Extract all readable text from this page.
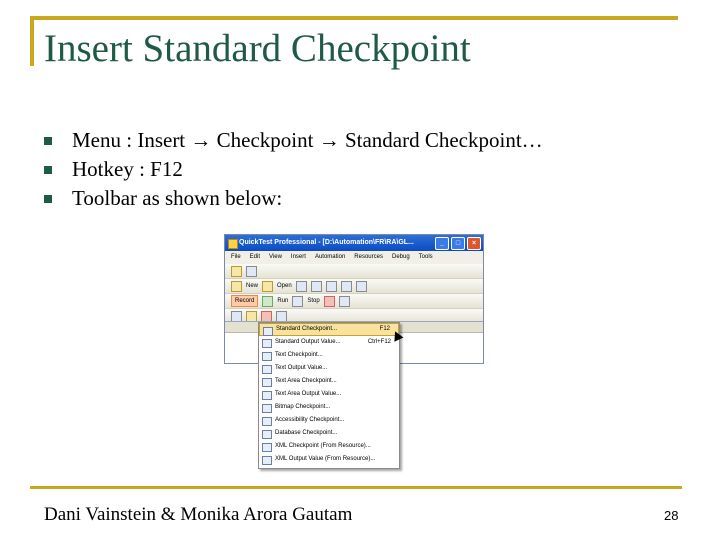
Insert Standard Checkpoint
Menu : Insert → Checkpoint → Standard Checkpoint…
Hotkey : F12
Toolbar as shown below:
QuickTest Professional - [D:\Automation\FR\RA\GL...	_	□	×
File Edit View Insert Automation Resources Debug Tools
New	Open
Record	Run	Stop
Standard Checkpoint...	F12
Standard Output Value...	Ctrl+F12
Text Checkpoint...
Text Output Value...
Text Area Checkpoint...
Text Area Output Value...
Bitmap Checkpoint...
Accessibility Checkpoint...
Database Checkpoint...
XML Checkpoint (From Resource)...
XML Output Value (From Resource)...
Dani Vainstein & Monika Arora Gautam	28
